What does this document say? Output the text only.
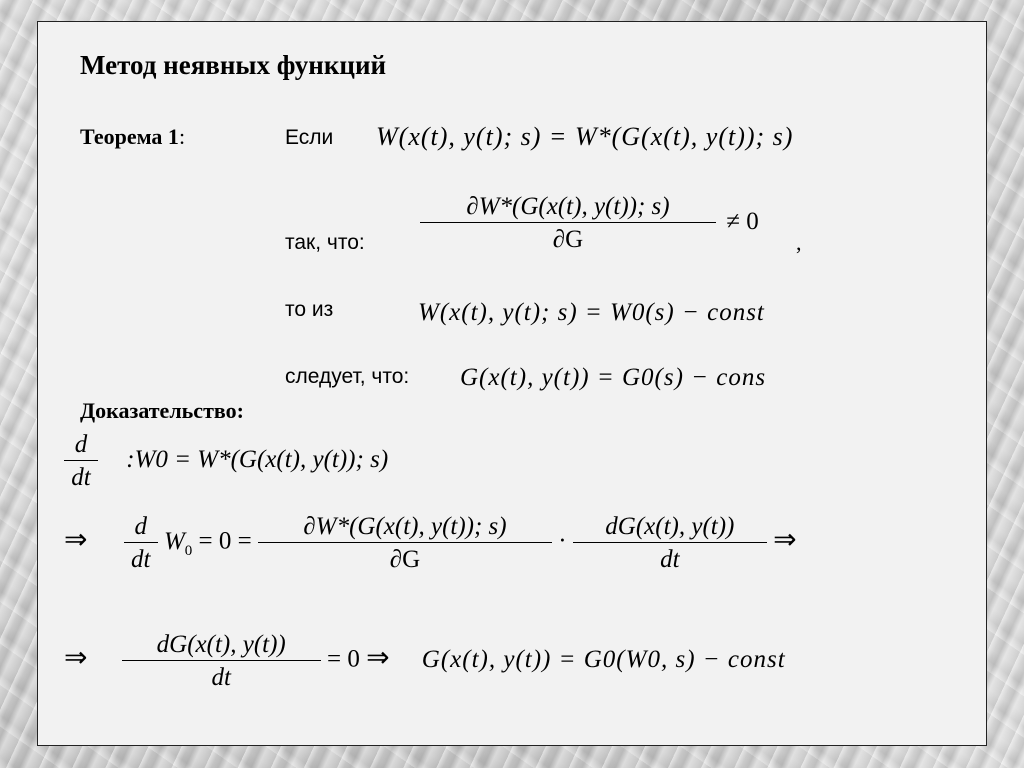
Метод неявных функций
Теорема 1:	Если W(x(t), y(t); s) = W*(G(x(t), y(t)); s)
так, что: $\frac{\partial W*(G(x(t), y(t)); s)}{\partial G} \ne 0$
,
то из	W(x(t), y(t); s) = W0(s) − const
следует, что: G(x(t), y(t)) = G0(s) − cons
Доказательство:
$\frac{d}{dt}$ :W0 = W*(G(x(t), y(t)); s)
⇒ $\frac{d}{dt} W_0 = 0 = \frac{\partial W*(G(x(t), y(t)); s)}{\partial G} \cdot \frac{dG(x(t), y(t))}{dt}$ ⇒
⇒ $\frac{dG(x(t), y(t))}{dt} = 0$ ⇒ G(x(t), y(t)) = G0(W0, s) − const
